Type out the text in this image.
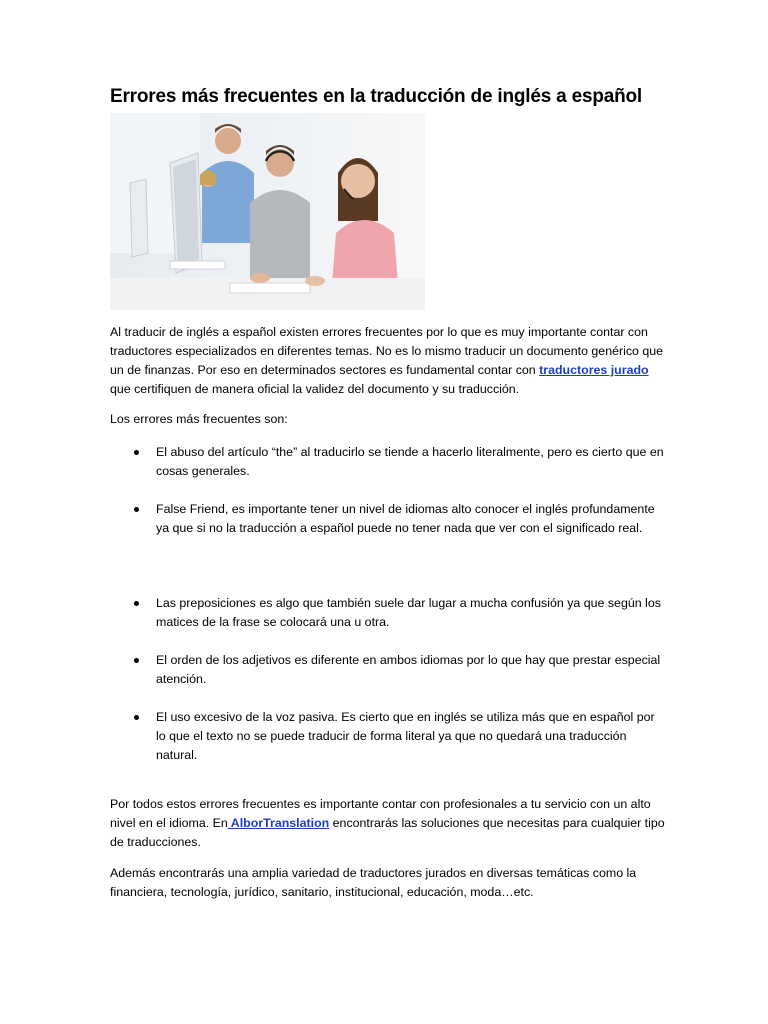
Errores más frecuentes en la traducción de inglés a español

Al traducir de inglés a español existen errores frecuentes por lo que es muy importante contar con traductores especializados en diferentes temas. No es lo mismo traducir un documento genérico que un de finanzas. Por eso en determinados sectores es fundamental contar con traductores jurado que certifiquen de manera oficial la validez del documento y su traducción.

Los errores más frecuentes son:

El abuso del artículo “the” al traducirlo se tiende a hacerlo literalmente, pero es cierto que en cosas generales.

False Friend, es importante tener un nivel de idiomas alto conocer el inglés profundamente ya que si no la traducción a español puede no tener nada que ver con el significado real.

Las preposiciones es algo que también suele dar lugar a mucha confusión ya que según los matices de la frase se colocará una u otra.

El orden de los adjetivos es diferente en ambos idiomas por lo que hay que prestar especial atención.

El uso excesivo de la voz pasiva. Es cierto que en inglés se utiliza más que en español por lo que el texto no se puede traducir de forma literal ya que no quedará una traducción natural.

Por todos estos errores frecuentes es importante contar con profesionales a tu servicio con un alto nivel en el idioma. En AlborTranslation encontrarás las soluciones que necesitas para cualquier tipo de traducciones.

Además encontrarás una amplia variedad de traductores jurados en diversas temáticas como la financiera, tecnología, jurídico, sanitario, institucional, educación, moda…etc.
